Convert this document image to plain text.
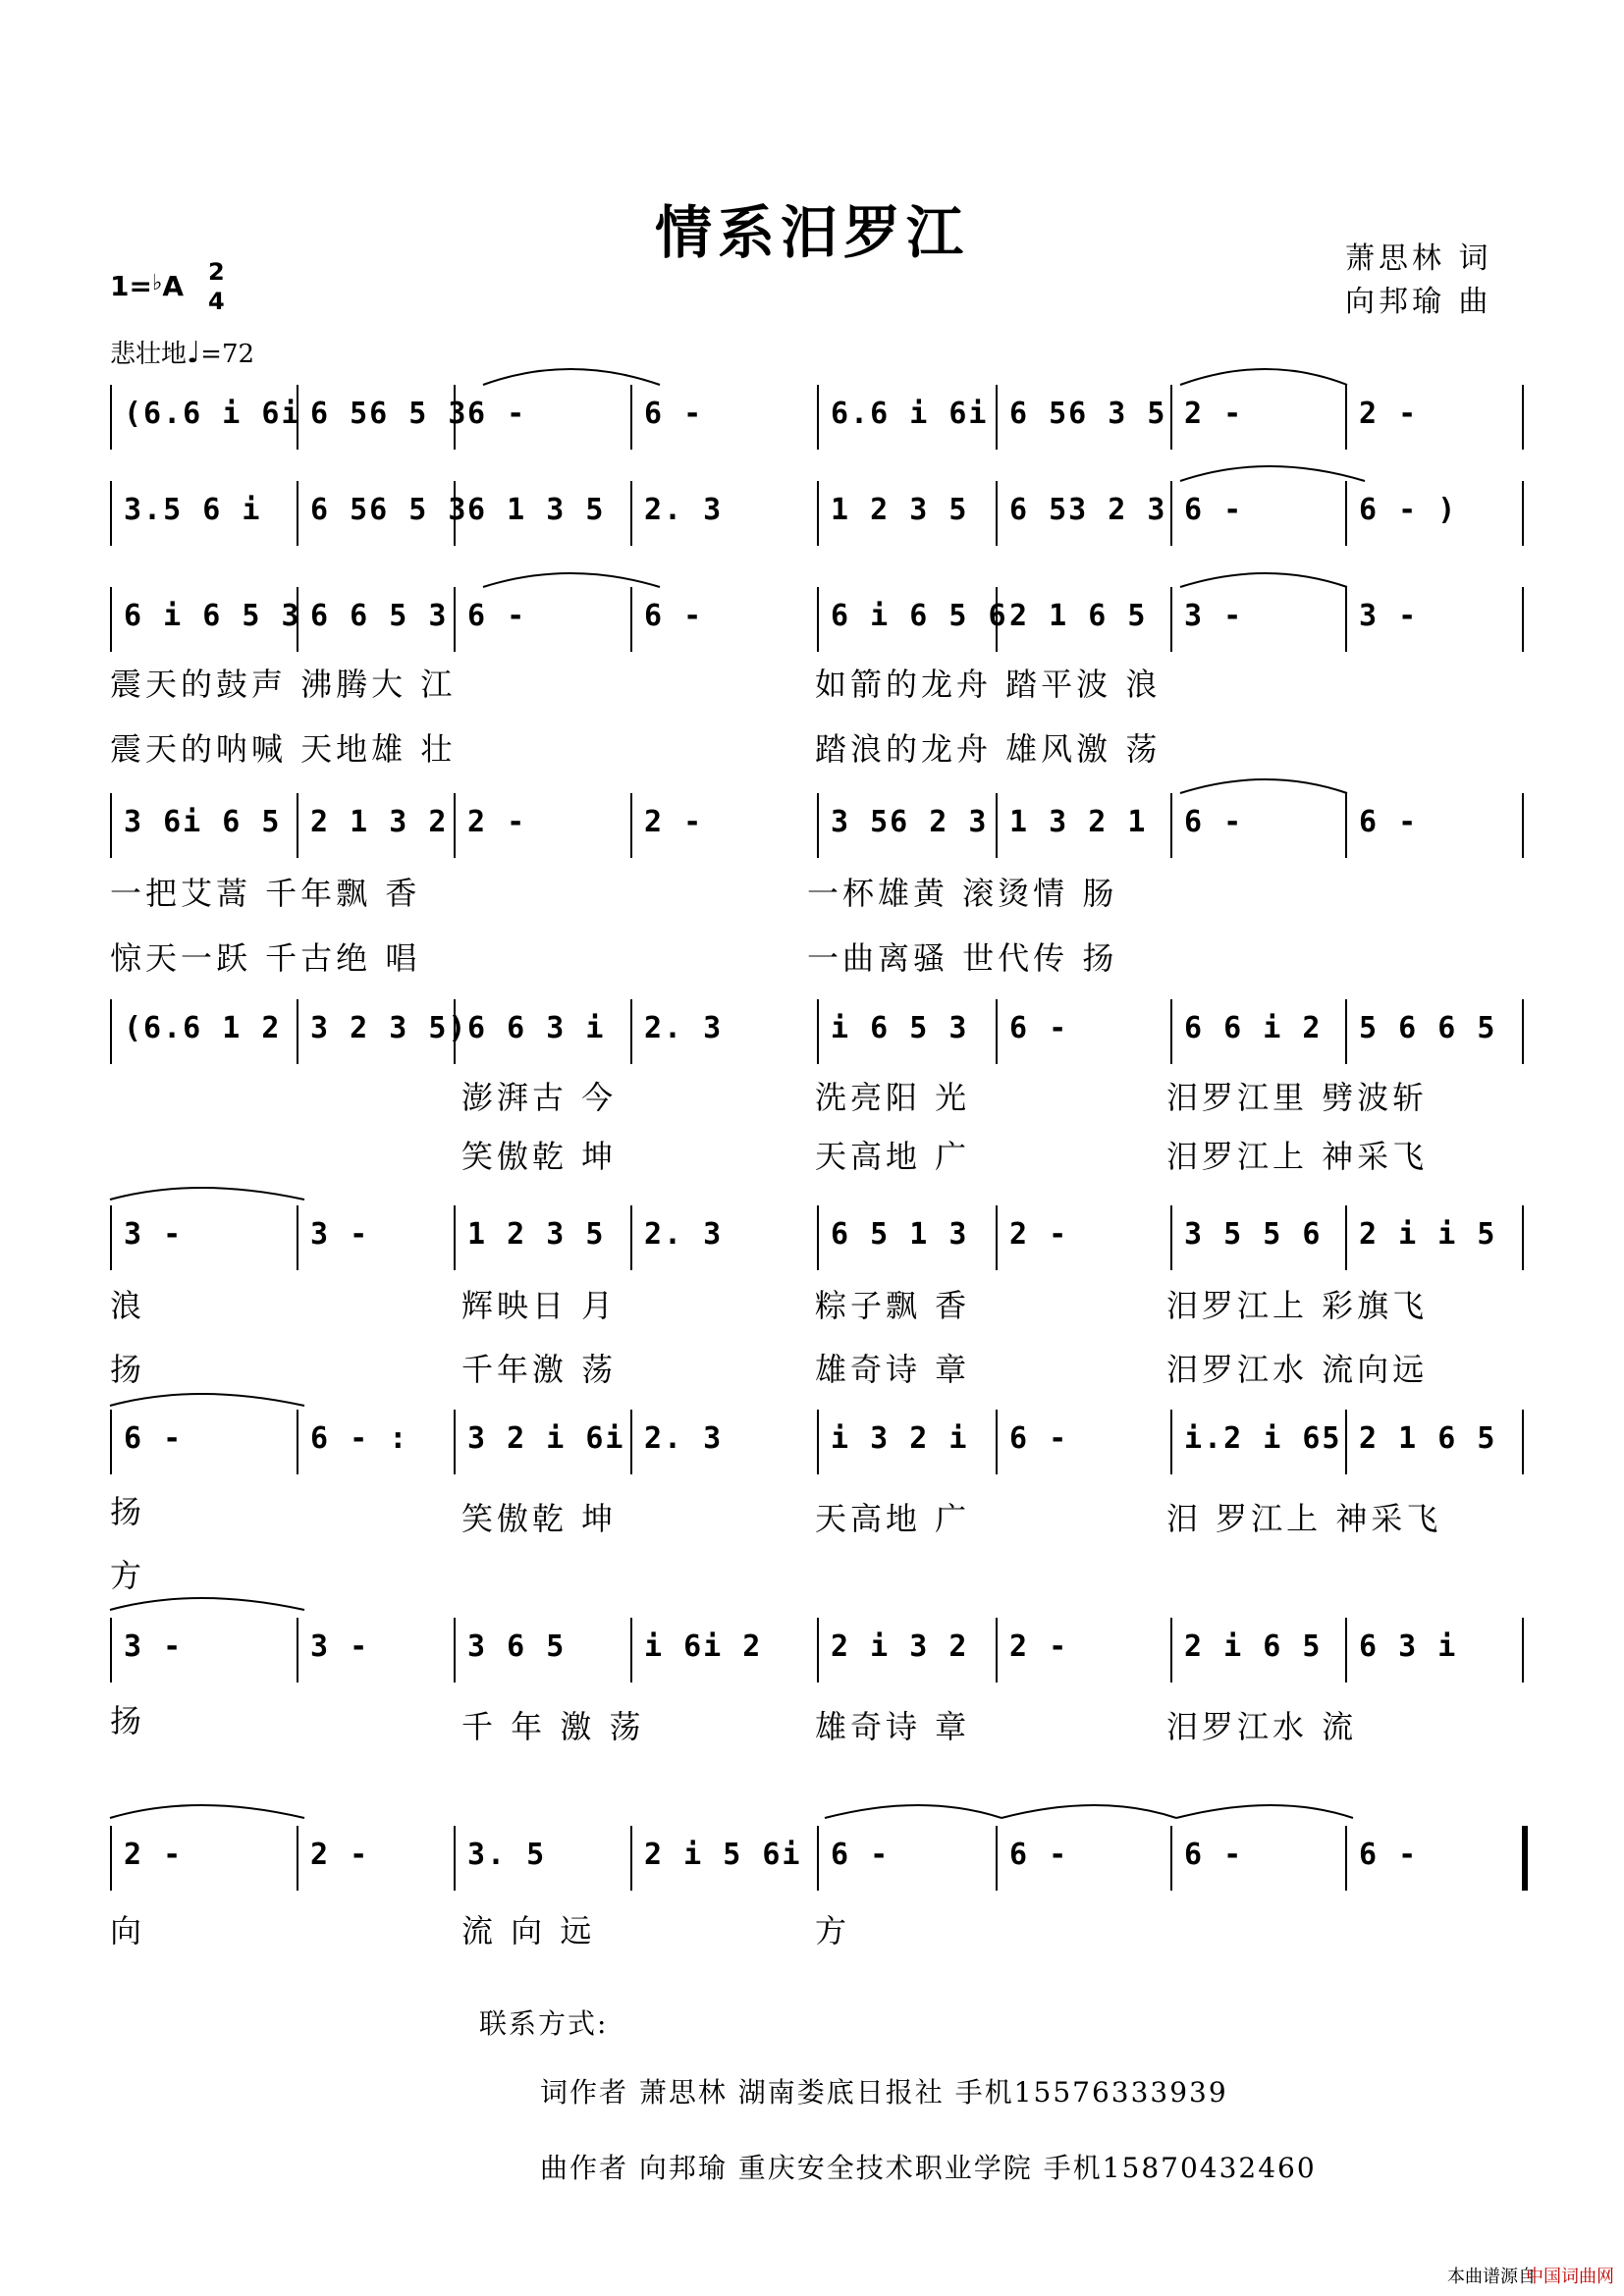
情系汨罗江	萧思林 词
向邦瑜 曲
1=♭A 2
4
悲壮地♩=72
(6.6 i 6i 6 56 5 3 6 -	6 -	6.6 i 6i 6 56 3 5 2 -	2 -
3.5 6 i 6 56 5 3 6 1 3 5 2. 3	1 2 3 5 6 53 2 3 6 -	6 - )
6 i 6 5 3 6 6 5 3 6 -	6 -	6 i 6 5 6 2 1 6 5 3 -	3 -
3 6i 6 5 2 1 3 2 2 -	2 -	3 56 2 3 1 3 2 1 6 -	6 -
(6.6 1 2 3 2 3 5) 6 6 3 i 2. 3	i 6 5 3 6 -	6 6 i 2 5 6 6 5
3 -	3 -	1 2 3 5 2. 3	6 5 1 3 2 -	3 5 5 6 2 i i 5
6 -	6 - : 3 2 i 6i 2. 3	i 3 2 i 6 -	i.2 i 65 2 1 6 5
3 -	3 -	3 6 5	i 6i 2 2 i 3 2 2 -	2 i 6 5 6 3 i
2 -	2 -	3. 5	2 i 5 6i 6 -	6 -	6 -	6 -
震天的鼓声 沸腾大 江	如箭的龙舟 踏平波 浪
震天的呐喊 天地雄 壮	踏浪的龙舟 雄风激 荡
一把艾蒿 千年飘 香	一杯雄黄 滚烫情 肠
惊天一跃 千古绝 唱	一曲离骚 世代传 扬
澎湃古 今	洗亮阳 光	汨罗江里 劈波斩
笑傲乾 坤	天高地 广	汨罗江上 神采飞
浪	辉映日 月	粽子飘 香	汨罗江上 彩旗飞
扬	千年激 荡	雄奇诗 章	汨罗江水 流向远
扬	笑傲乾 坤	天高地 广	汨 罗江上 神采飞
方
扬	千 年 激 荡	雄奇诗 章	汨罗江水 流
向	流 向 远	方
联系方式:
词作者 萧思林 湖南娄底日报社 手机15576333939
曲作者 向邦瑜 重庆安全技术职业学院 手机15870432460
本曲谱源自
中国词曲网
